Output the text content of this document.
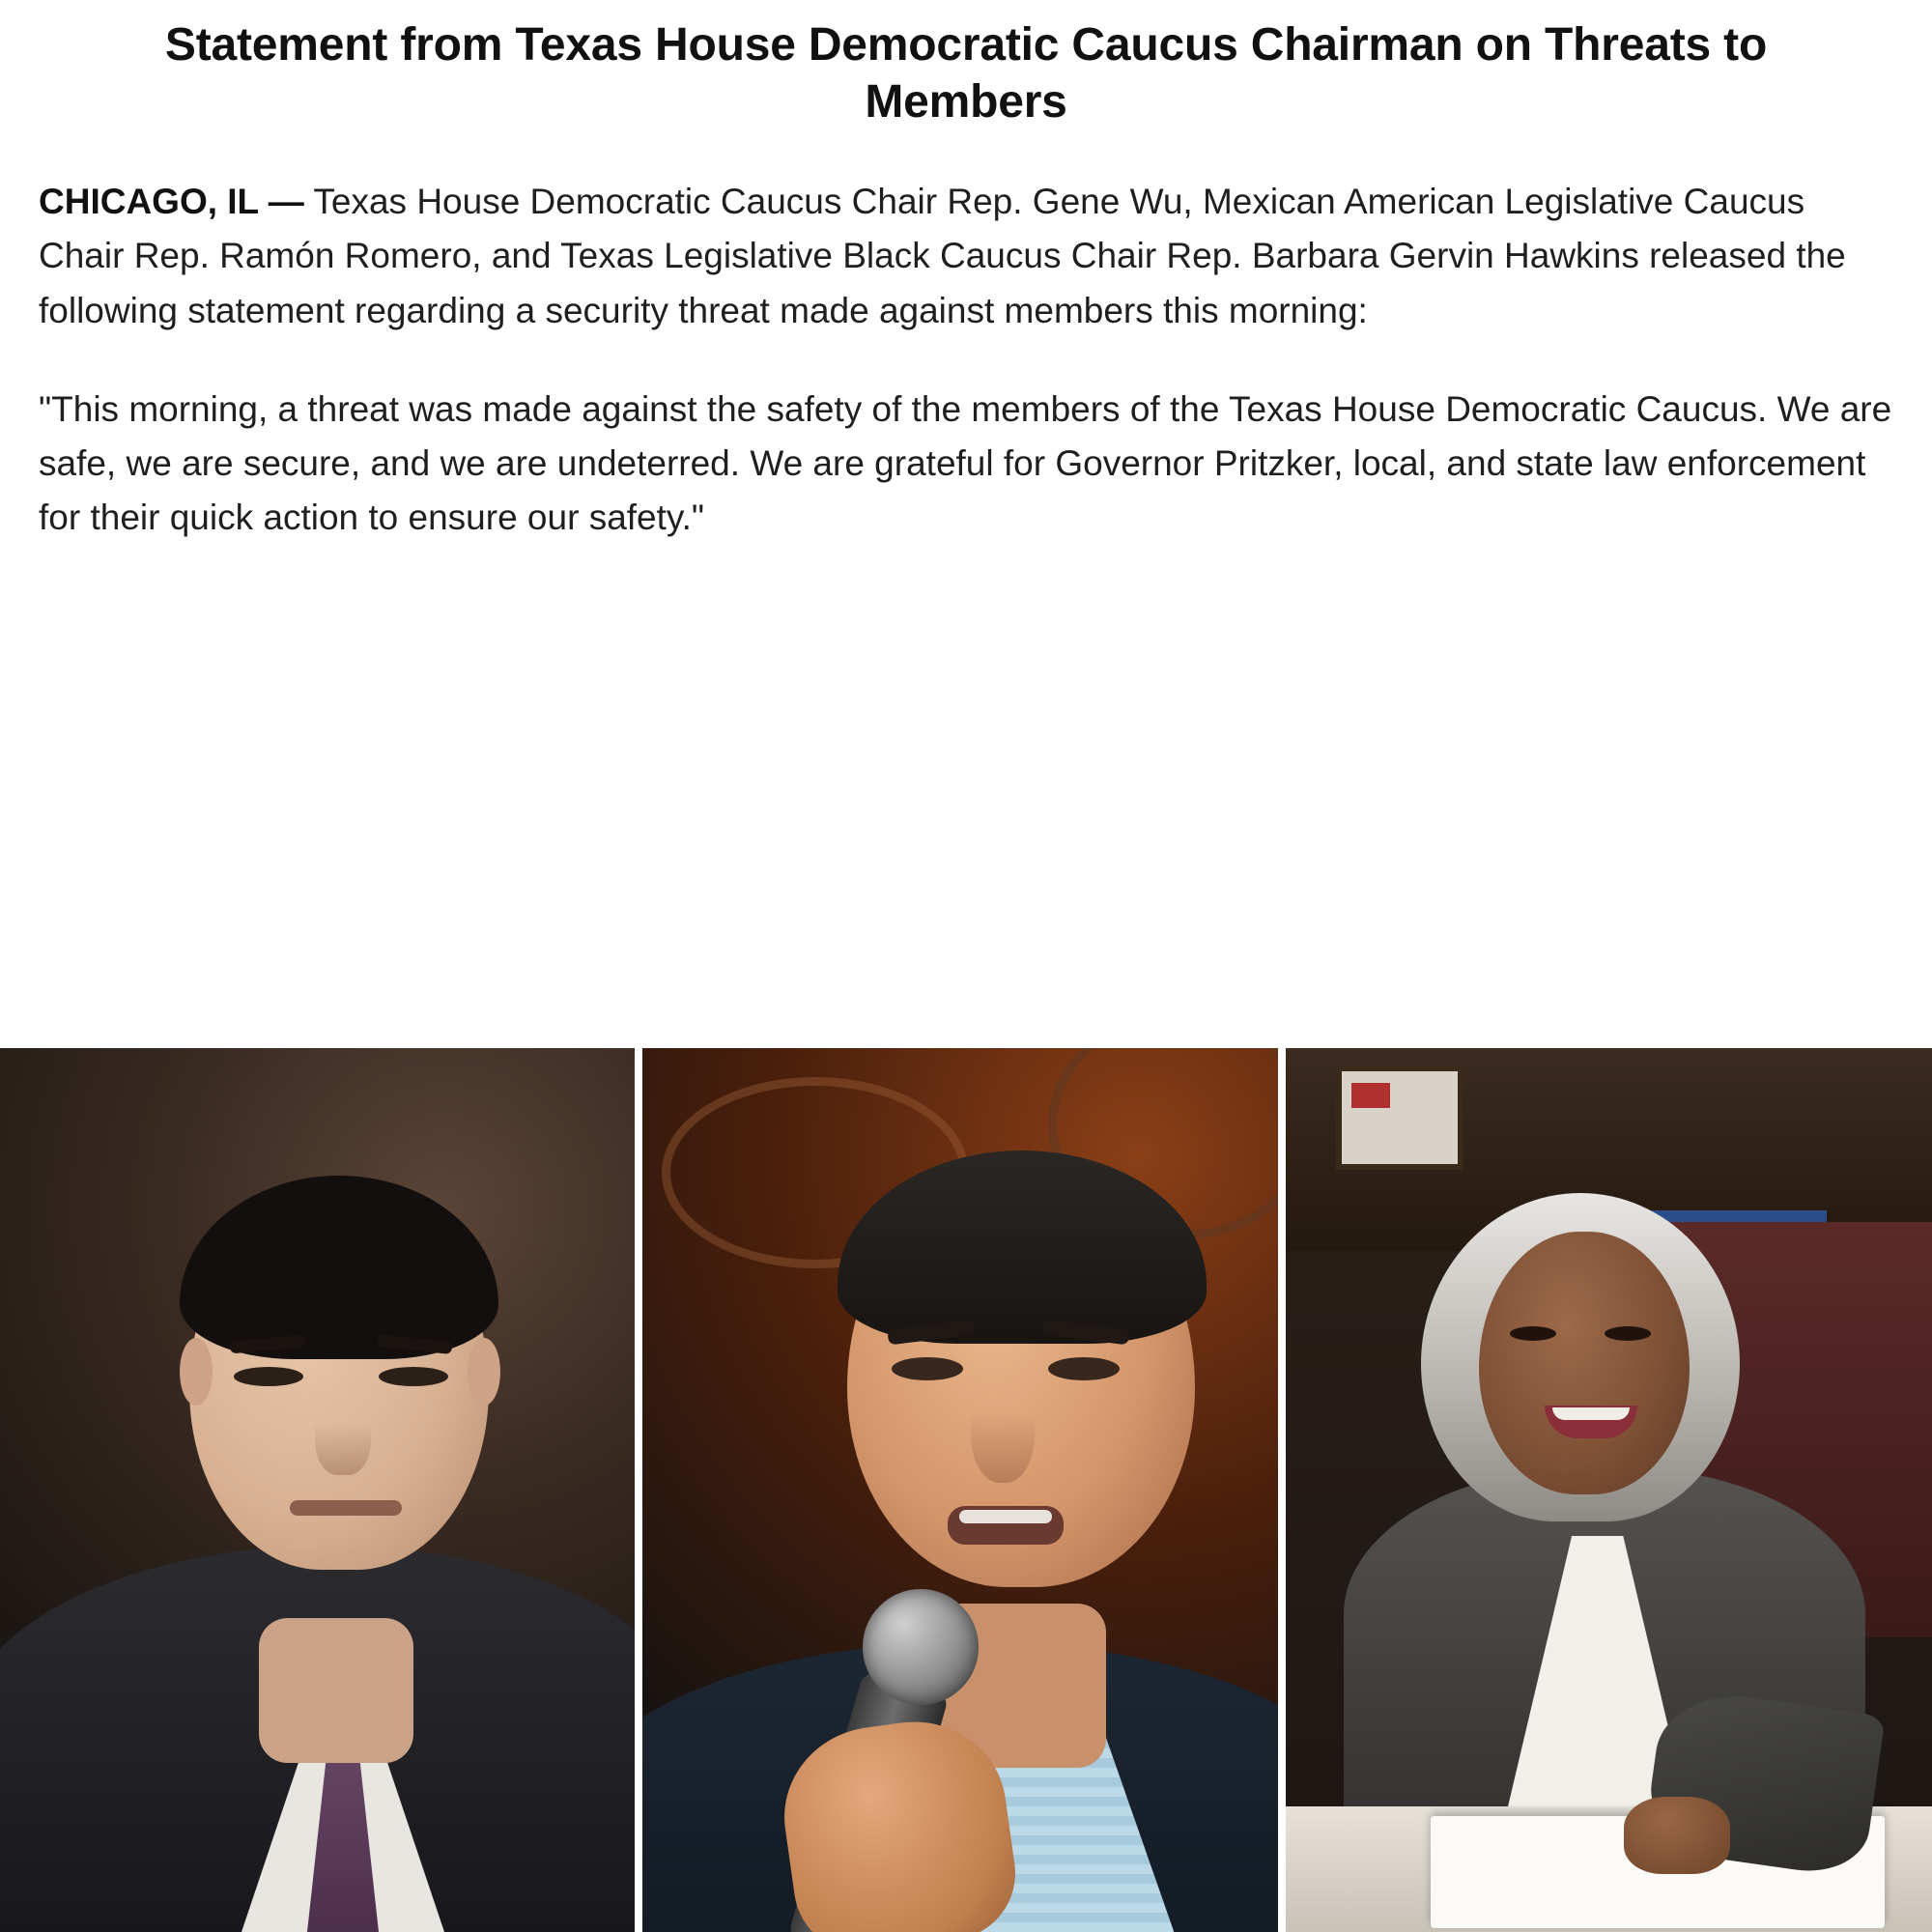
Statement from Texas House Democratic Caucus Chairman on Threats to Members

CHICAGO, IL — Texas House Democratic Caucus Chair Rep. Gene Wu, Mexican American Legislative Caucus Chair Rep. Ramón Romero, and Texas Legislative Black Caucus Chair Rep. Barbara Gervin Hawkins released the following statement regarding a security threat made against members this morning:

"This morning, a threat was made against the safety of the members of the Texas House Democratic Caucus. We are safe, we are secure, and we are undeterred. We are grateful for Governor Pritzker, local, and state law enforcement for their quick action to ensure our safety."
